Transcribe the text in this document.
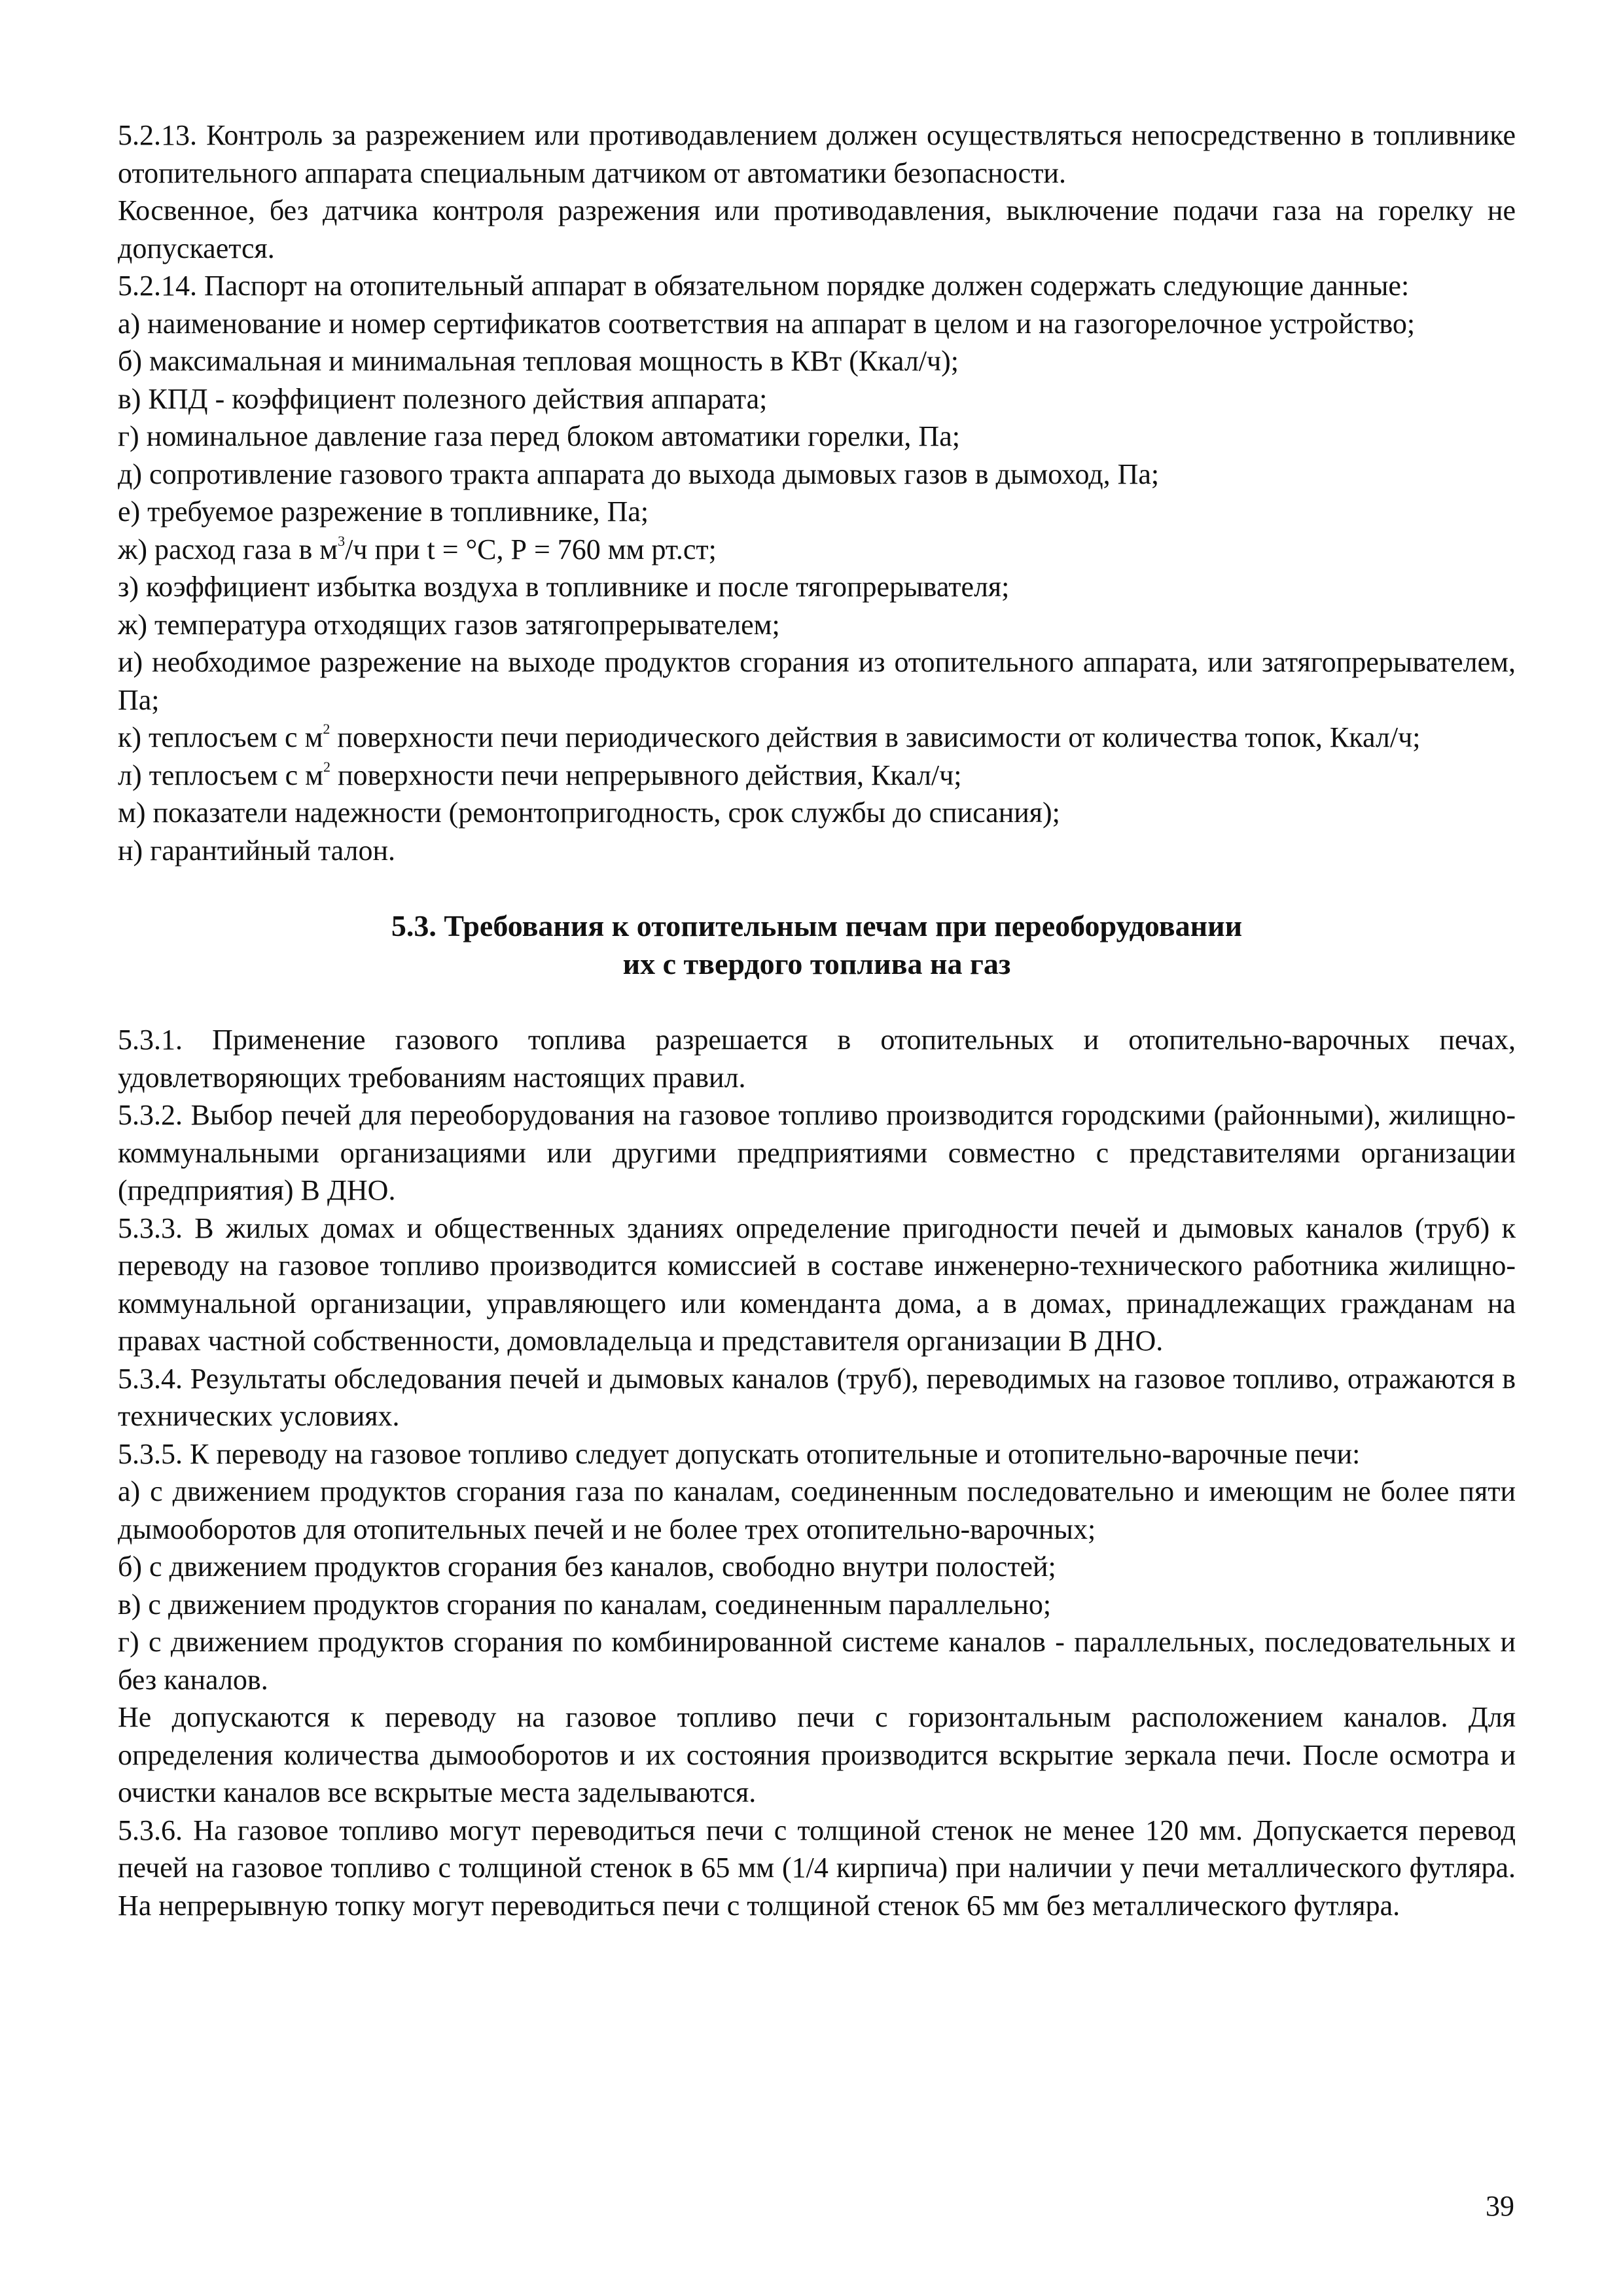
5.2.13. Контроль за разрежением или противодавлением должен осуществляться непосредственно в топливнике отопительного аппарата специальным датчиком от автоматики безопасности.

Косвенное, без датчика контроля разрежения или противодавления, выключение подачи газа на горелку не допускается.

5.2.14. Паспорт на отопительный аппарат в обязательном порядке должен содержать следующие данные:

а) наименование и номер сертификатов соответствия на аппарат в целом и на газогорелочное устройство;

б) максимальная и минимальная тепловая мощность в КВт (Ккал/ч);

в) КПД - коэффициент полезного действия аппарата;

г) номинальное давление газа перед блоком автоматики горелки, Па;

д) сопротивление газового тракта аппарата до выхода дымовых газов в дымоход, Па;

е) требуемое разрежение в топливнике, Па;

ж) расход газа в $м^3/ч$ при t = °С, Р = 760 мм рт.ст;

з) коэффициент избытка воздуха в топливнике и после тягопрерывателя;

ж) температура отходящих газов затягопрерывателем;

и) необходимое разрежение на выходе продуктов сгорания из отопительного аппарата, или затягопрерывателем, Па;

к) теплосъем с $м^2$ поверхности печи периодического действия в зависимости от количества топок, Ккал/ч;

л) теплосъем с $м^2$ поверхности печи непрерывного действия, Ккал/ч;

м) показатели надежности (ремонтопригодность, срок службы до списания);

н) гарантийный талон.

5.3. Требования к отопительным печам при переоборудовании
их с твердого топлива на газ

5.3.1. Применение газового топлива разрешается в отопительных и отопительно-варочных печах, удовлетворяющих требованиям настоящих правил.

5.3.2. Выбор печей для переоборудования на газовое топливо производится городскими (районными), жилищно-коммунальными организациями или другими предприятиями совместно с представителями организации (предприятия) В ДНО.

5.3.3. В жилых домах и общественных зданиях определение пригодности печей и дымовых каналов (труб) к переводу на газовое топливо производится комиссией в составе инженерно-технического работника жилищно-коммунальной организации, управляющего или коменданта дома, а в домах, принадлежащих гражданам на правах частной собственности, домовладельца и представителя организации В ДНО.

5.3.4. Результаты обследования печей и дымовых каналов (труб), переводимых на газовое топливо, отражаются в технических условиях.

5.3.5. К переводу на газовое топливо следует допускать отопительные и отопительно-варочные печи:

а) с движением продуктов сгорания газа по каналам, соединенным последовательно и имеющим не более пяти дымооборотов для отопительных печей и не более трех отопительно-варочных;

б) с движением продуктов сгорания без каналов, свободно внутри полостей;

в) с движением продуктов сгорания по каналам, соединенным параллельно;

г) с движением продуктов сгорания по комбинированной системе каналов - параллельных, последовательных и без каналов.

Не допускаются к переводу на газовое топливо печи с горизонтальным расположением каналов. Для определения количества дымооборотов и их состояния производится вскрытие зеркала печи. После осмотра и очистки каналов все вскрытые места заделываются.

5.3.6. На газовое топливо могут переводиться печи с толщиной стенок не менее 120 мм. Допускается перевод печей на газовое топливо с толщиной стенок в 65 мм (1/4 кирпича) при наличии у печи металлического футляра. На непрерывную топку могут переводиться печи с толщиной стенок 65 мм без металлического футляра.

39
